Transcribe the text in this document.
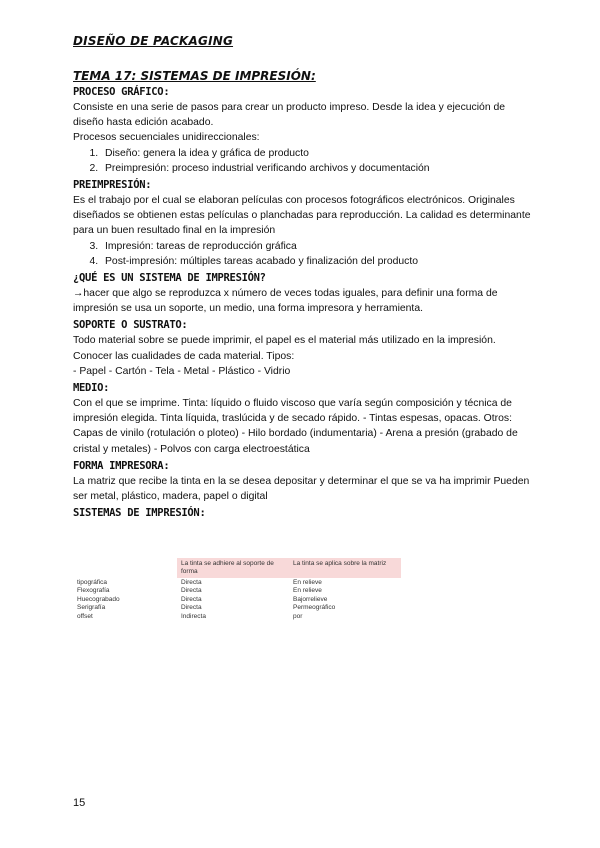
DISEÑO DE PACKAGING
TEMA 17: SISTEMAS DE IMPRESIÓN:
PROCESO GRÁFICO:

Consiste en una serie de pasos para crear un producto impreso. Desde la idea y ejecución de diseño hasta edición acabado.

Procesos secuenciales unidireccionales:

1. Diseño: genera la idea y gráfica de producto
2. Preimpresión: proceso industrial verificando archivos y documentación
PREIMPRESIÓN:

Es el trabajo por el cual se elaboran películas con procesos fotográficos electrónicos. Originales diseñados se obtienen estas películas o planchadas para reproducción. La calidad es determinante para un buen resultado final en la impresión

3. Impresión: tareas de reproducción gráfica
4. Post-impresión: múltiples tareas acabado y finalización del producto
¿QUÉ ES UN SISTEMA DE IMPRESIÓN?

→hacer que algo se reproduzca x número de veces todas iguales, para definir una forma de impresión se usa un soporte, un medio, una forma impresora y herramienta.

SOPORTE O SUSTRATO:

Todo material sobre se puede imprimir, el papel es el material más utilizado en la impresión. Conocer las cualidades de cada material. Tipos:

- Papel - Cartón - Tela - Metal - Plástico - Vidrio

MEDIO:

Con el que se imprime. Tinta: líquido o fluido viscoso que varía según composición y técnica de impresión elegida. Tinta líquida, traslúcida y de secado rápido. - Tintas espesas, opacas. Otros:

Capas de vinilo (rotulación o ploteo) - Hilo bordado (indumentaria) - Arena a presión (grabado de cristal y metales) - Polvos con carga electroestática

FORMA IMPRESORA:

La matriz que recibe la tinta en la se desea depositar y determinar el que se va ha imprimir Pueden ser metal, plástico, madera, papel o digital

SISTEMAS DE IMPRESIÓN:
	La tinta se adhiere al soporte de forma	La tinta se aplica sobre la matriz
tipográfica	Directa	En relieve
Flexografía	Directa	En relieve
Huecograbado	Directa	Bajorrelieve
Serigrafía	Directa	Permeográfico
offset	Indirecta	por
15
